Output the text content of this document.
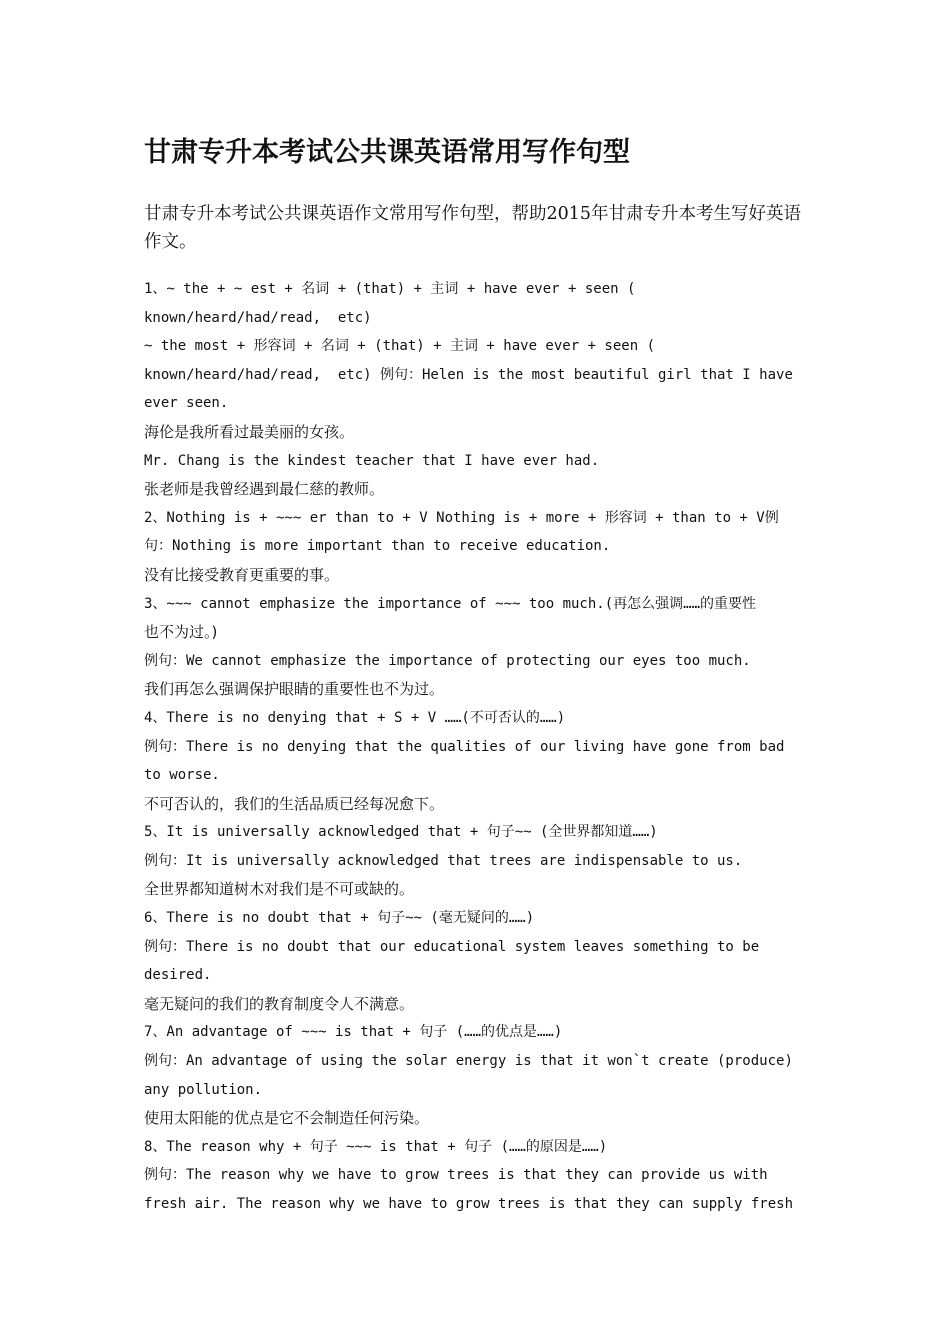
甘肃专升本考试公共课英语常用写作句型

甘肃专升本考试公共课英语作文常用写作句型，帮助2015年甘肃专升本考生写好英语作文。

1、~ the + ~ est + 名词 + (that) + 主词 + have ever + seen (

known/heard/had/read,  etc)

~ the most + 形容词 + 名词 + (that) + 主词 + have ever + seen (

known/heard/had/read,  etc) 例句：Helen is the most beautiful girl that I have

ever seen.

海伦是我所看过最美丽的女孩。

Mr. Chang is the kindest teacher that I have ever had.

张老师是我曾经遇到最仁慈的教师。

2、Nothing is + ~~~ er than to + V Nothing is + more + 形容词 + than to + V例

句：Nothing is more important than to receive education.

没有比接受教育更重要的事。

3、~~~ cannot emphasize the importance of ~~~ too much.(再怎么强调……的重要性

也不为过。)

例句：We cannot emphasize the importance of protecting our eyes too much.

我们再怎么强调保护眼睛的重要性也不为过。

4、There is no denying that + S + V ……(不可否认的……)

例句：There is no denying that the qualities of our living have gone from bad

to worse.

不可否认的，我们的生活品质已经每况愈下。

5、It is universally acknowledged that + 句子~~ (全世界都知道……)

例句：It is universally acknowledged that trees are indispensable to us.

全世界都知道树木对我们是不可或缺的。

6、There is no doubt that + 句子~~ (毫无疑问的……)

例句：There is no doubt that our educational system leaves something to be

desired.

毫无疑问的我们的教育制度令人不满意。

7、An advantage of ~~~ is that + 句子 (……的优点是……)

例句：An advantage of using the solar energy is that it won`t create (produce)

any pollution.

使用太阳能的优点是它不会制造任何污染。

8、The reason why + 句子 ~~~ is that + 句子 (……的原因是……)

例句：The reason why we have to grow trees is that they can provide us with

fresh air. The reason why we have to grow trees is that they can supply fresh
